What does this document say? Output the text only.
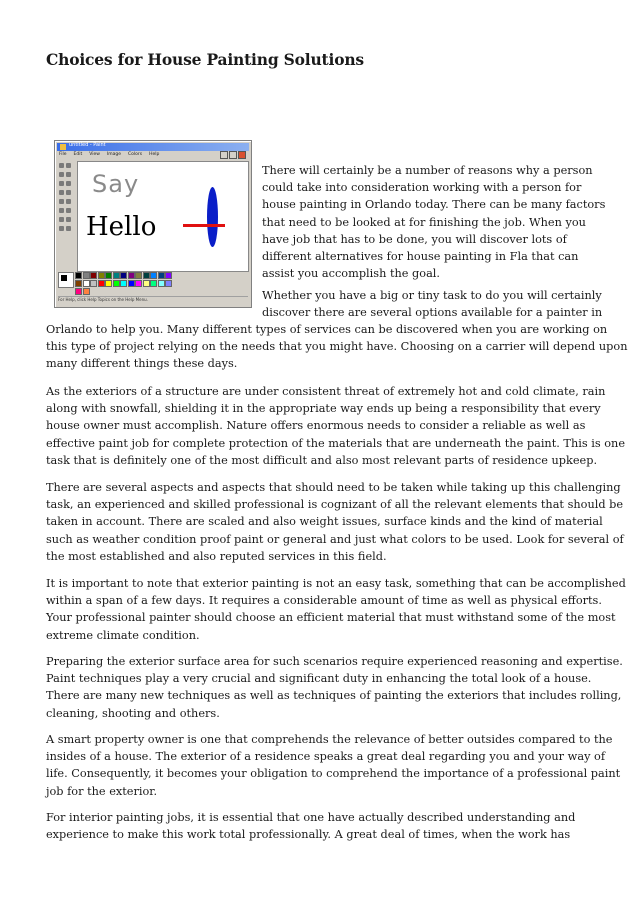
Choices for House Painting Solutions
untitled - Paint
File Edit View Image Colors Help
Say
Hello
For Help, click Help Topics on the Help Menu.
There will certainly be a number of reasons why a person
could take into consideration working with a person for
house painting in Orlando today. There can be many factors
that need to be looked at for finishing the job. When you
have job that has to be done, you will discover lots of
different alternatives for house painting in Fla that can
assist you accomplish the goal.
Whether you have a big or tiny task to do you will certainly
discover there are several options available for a painter in
Orlando to help you. Many different types of services can be discovered when you are working on
this type of project relying on the needs that you might have. Choosing on a carrier will depend upon
many different things these days.
As the exteriors of a structure are under consistent threat of extremely hot and cold climate, rain
along with snowfall, shielding it in the appropriate way ends up being a responsibility that every
house owner must accomplish. Nature offers enormous needs to consider a reliable as well as
effective paint job for complete protection of the materials that are underneath the paint. This is one
task that is definitely one of the most difficult and also most relevant parts of residence upkeep.
There are several aspects and aspects that should need to be taken while taking up this challenging
task, an experienced and skilled professional is cognizant of all the relevant elements that should be
taken in account. There are scaled and also weight issues, surface kinds and the kind of material
such as weather condition proof paint or general and just what colors to be used. Look for several of
the most established and also reputed services in this field.
It is important to note that exterior painting is not an easy task, something that can be accomplished
within a span of a few days. It requires a considerable amount of time as well as physical efforts.
Your professional painter should choose an efficient material that must withstand some of the most
extreme climate condition.
Preparing the exterior surface area for such scenarios require experienced reasoning and expertise.
Paint techniques play a very crucial and significant duty in enhancing the total look of a house.
There are many new techniques as well as techniques of painting the exteriors that includes rolling,
cleaning, shooting and others.
A smart property owner is one that comprehends the relevance of better outsides compared to the
insides of a house. The exterior of a residence speaks a great deal regarding you and your way of
life. Consequently, it becomes your obligation to comprehend the importance of a professional paint
job for the exterior.
For interior painting jobs, it is essential that one have actually described understanding and
experience to make this work total professionally. A great deal of times, when the work has
